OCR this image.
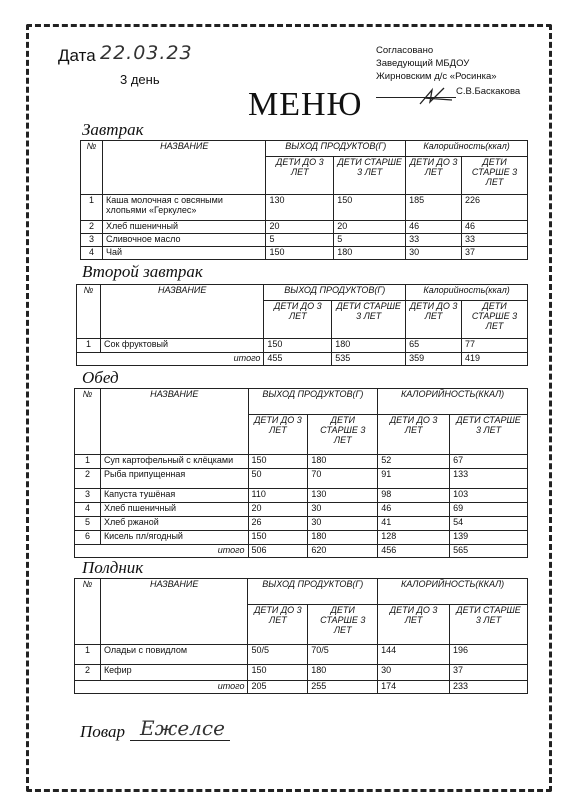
Дата 22.03.23
3 день
Согласовано
Заведующий МБДОУ
Жирновским д/с «Росинка»
С.В.Баскакова
МЕНЮ
Завтрак
№	НАЗВАНИЕ	ВЫХОД ПРОДУКТОВ(Г)		Калорийность(ккал)	
		ДЕТИ ДО 3 ЛЕТ	ДЕТИ СТАРШЕ 3 ЛЕТ	ДЕТИ ДО 3 ЛЕТ	ДЕТИ СТАРШЕ 3 ЛЕТ
1	Каша молочная с овсяными хлопьями «Геркулес»	130	150	185	226
2	Хлеб пшеничный	20	20	46	46
3	Сливочное масло	5	5	33	33
4	Чай	150	180	30	37
Второй завтрак
№	НАЗВАНИЕ	ВЫХОД ПРОДУКТОВ(Г)		Калорийность(ккал)	
		ДЕТИ ДО 3 ЛЕТ	ДЕТИ СТАРШЕ 3 ЛЕТ	ДЕТИ ДО 3 ЛЕТ	ДЕТИ СТАРШЕ 3 ЛЕТ
1	Сок фруктовый	150	180	65	77
итого		455	535	359	419
Обед
№	НАЗВАНИЕ	ВЫХОД ПРОДУКТОВ(Г)		КАЛОРИЙНОСТЬ(ККАЛ)	
		ДЕТИ ДО 3 ЛЕТ	ДЕТИ СТАРШЕ 3 ЛЕТ	ДЕТИ ДО 3 ЛЕТ	ДЕТИ СТАРШЕ 3 ЛЕТ
1	Суп картофельный с клёцками	150	180	52	67
2	Рыба припущенная	50	70	91	133
3	Капуста тушёная	110	130	98	103
4	Хлеб пшеничный	20	30	46	69
5	Хлеб ржаной	26	30	41	54
6	Кисель пл/ягодный	150	180	128	139
итого		506	620	456	565
Полдник
№	НАЗВАНИЕ	ВЫХОД ПРОДУКТОВ(Г)		КАЛОРИЙНОСТЬ(ККАЛ)	
		ДЕТИ ДО 3 ЛЕТ	ДЕТИ СТАРШЕ 3 ЛЕТ	ДЕТИ ДО 3 ЛЕТ	ДЕТИ СТАРШЕ 3 ЛЕТ
1	Оладьи с повидлом	50/5	70/5	144	196
2	Кефир	150	180	30	37
итого		205	255	174	233
Повар Ежелсе
